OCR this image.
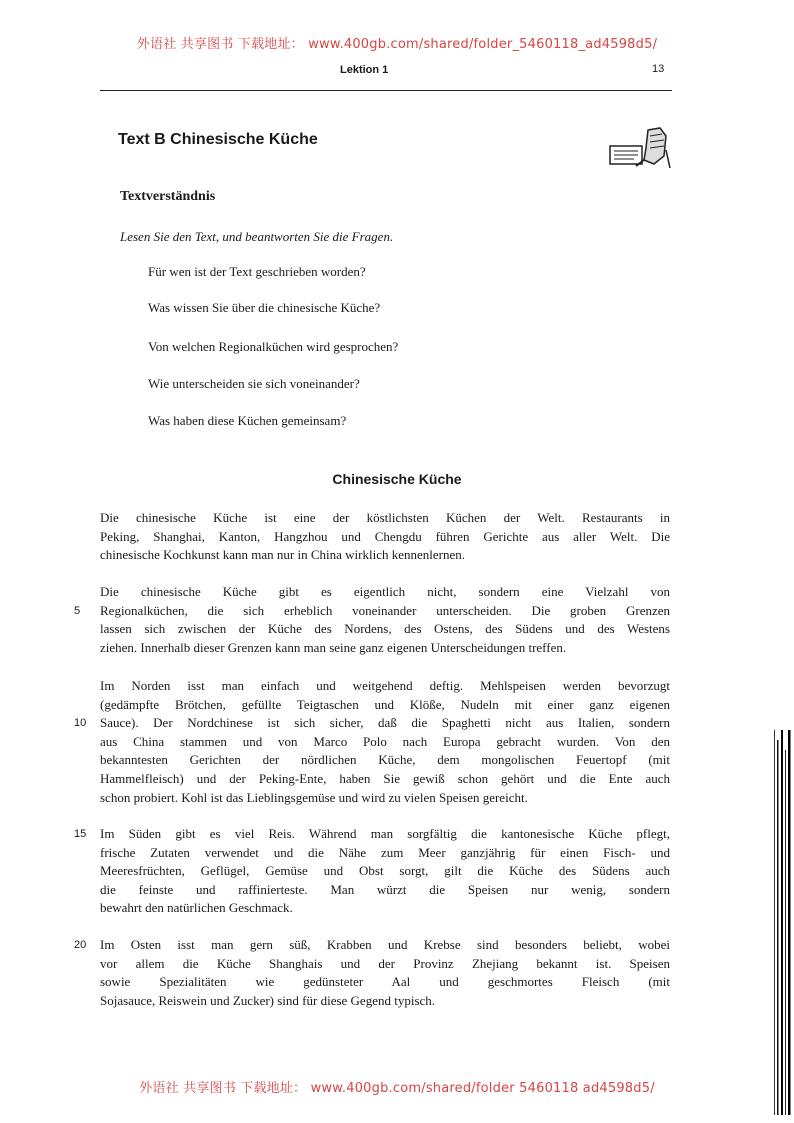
外语社 共享图书 下载地址： www.400gb.com/shared/folder_5460118_ad4598d5/
Lektion 1	13
Text B Chinesische Küche
Textverständnis
Lesen Sie den Text, und beantworten Sie die Fragen.
Für wen ist der Text geschrieben worden?
Was wissen Sie über die chinesische Küche?
Von welchen Regionalküchen wird gesprochen?
Wie unterscheiden sie sich voneinander?
Was haben diese Küchen gemeinsam?
Chinesische Küche
Die chinesische Küche ist eine der köstlichsten Küchen der Welt. Restaurants in
Peking, Shanghai, Kanton, Hangzhou und Chengdu führen Gerichte aus aller Welt. Die
chinesische Kochkunst kann man nur in China wirklich kennenlernen.
Die chinesische Küche gibt es eigentlich nicht, sondern eine Vielzahl von
Regionalküchen, die sich erheblich voneinander unterscheiden. Die groben Grenzen
5
lassen sich zwischen der Küche des Nordens, des Ostens, des Südens und des Westens
ziehen. Innerhalb dieser Grenzen kann man seine ganz eigenen Unterscheidungen treffen.
Im Norden isst man einfach und weitgehend deftig. Mehlspeisen werden bevorzugt
(gedämpfte Brötchen, gefüllte Teigtaschen und Klöße, Nudeln mit einer ganz eigenen
Sauce). Der Nordchinese ist sich sicher, daß die Spaghetti nicht aus Italien, sondern
10
aus China stammen und von Marco Polo nach Europa gebracht wurden. Von den
bekanntesten Gerichten der nördlichen Küche, dem mongolischen Feuertopf (mit
Hammelfleisch) und der Peking-Ente, haben Sie gewiß schon gehört und die Ente auch
schon probiert. Kohl ist das Lieblingsgemüse und wird zu vielen Speisen gereicht.
Im Süden gibt es viel Reis. Während man sorgfältig die kantonesische Küche pflegt,
15
frische Zutaten verwendet und die Nähe zum Meer ganzjährig für einen Fisch- und
Meeresfrüchten, Geflügel, Gemüse und Obst sorgt, gilt die Küche des Südens auch
die feinste und raffinierteste. Man würzt die Speisen nur wenig, sondern
bewahrt den natürlichen Geschmack.
Im Osten isst man gern süß, Krabben und Krebse sind besonders beliebt, wobei
20
vor allem die Küche Shanghais und der Provinz Zhejiang bekannt ist. Speisen
sowie Spezialitäten wie gedünsteter Aal und geschmortes Fleisch (mit
Sojasauce, Reiswein und Zucker) sind für diese Gegend typisch.
外语社 共享图书 下载地址： www.400gb.com/shared/folder 5460118 ad4598d5/
